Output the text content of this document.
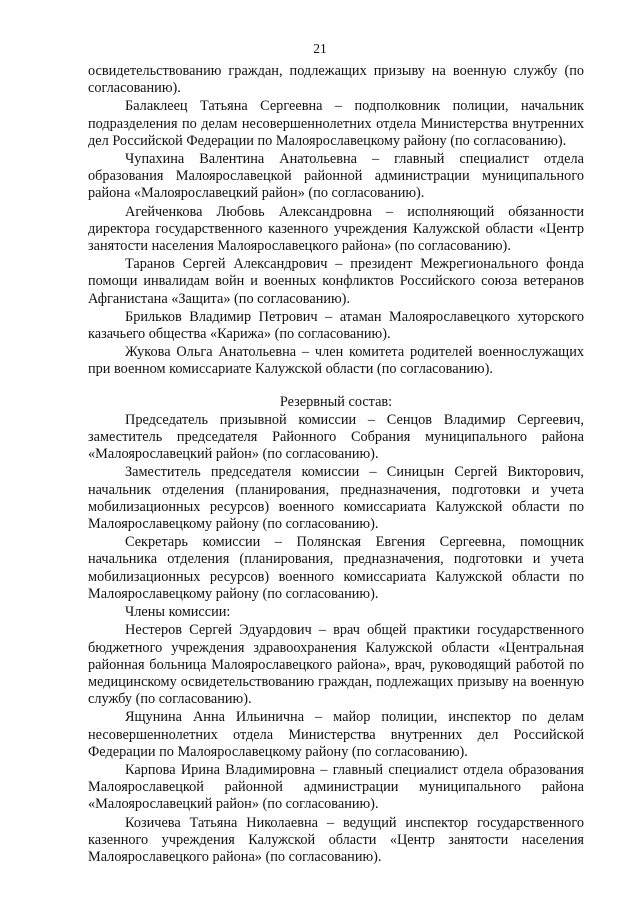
21

освидетельствованию граждан, подлежащих призыву на военную службу (по согласованию).

Балаклеец Татьяна Сергеевна – подполковник полиции, начальник подразделения по делам несовершеннолетних отдела Министерства внутренних дел Российской Федерации по Малоярославецкому району (по согласованию).

Чупахина Валентина Анатольевна – главный специалист отдела образования Малоярославецкой районной администрации муниципального района «Малоярославецкий район» (по согласованию).

Агейченкова Любовь Александровна – исполняющий обязанности директора государственного казенного учреждения Калужской области «Центр занятости населения Малоярославецкого района» (по согласованию).

Таранов Сергей Александрович – президент Межрегионального фонда помощи инвалидам войн и военных конфликтов Российского союза ветеранов Афганистана «Защита» (по согласованию).

Брильков Владимир Петрович – атаман Малоярославецкого хуторского казачьего общества «Карижа» (по согласованию).

Жукова Ольга Анатольевна – член комитета родителей военнослужащих при военном комиссариате Калужской области (по согласованию).

Резервный состав:

Председатель призывной комиссии – Сенцов Владимир Сергеевич, заместитель председателя Районного Собрания муниципального района «Малоярославецкий район» (по согласованию).

Заместитель председателя комиссии – Синицын Сергей Викторович, начальник отделения (планирования, предназначения, подготовки и учета мобилизационных ресурсов) военного комиссариата Калужской области по Малоярославецкому району (по согласованию).

Секретарь комиссии – Полянская Евгения Сергеевна, помощник начальника отделения (планирования, предназначения, подготовки и учета мобилизационных ресурсов) военного комиссариата Калужской области по Малоярославецкому району (по согласованию).

Члены комиссии:

Нестеров Сергей Эдуардович – врач общей практики государственного бюджетного учреждения здравоохранения Калужской области «Центральная районная больница Малоярославецкого района», врач, руководящий работой по медицинскому освидетельствованию граждан, подлежащих призыву на военную службу (по согласованию).

Ящунина Анна Ильинична – майор полиции, инспектор по делам несовершеннолетних отдела Министерства внутренних дел Российской Федерации по Малоярославецкому району (по согласованию).

Карпова Ирина Владимировна – главный специалист отдела образования Малоярославецкой районной администрации муниципального района «Малоярославецкий район» (по согласованию).

Козичева Татьяна Николаевна – ведущий инспектор государственного казенного учреждения Калужской области «Центр занятости населения Малоярославецкого района» (по согласованию).
